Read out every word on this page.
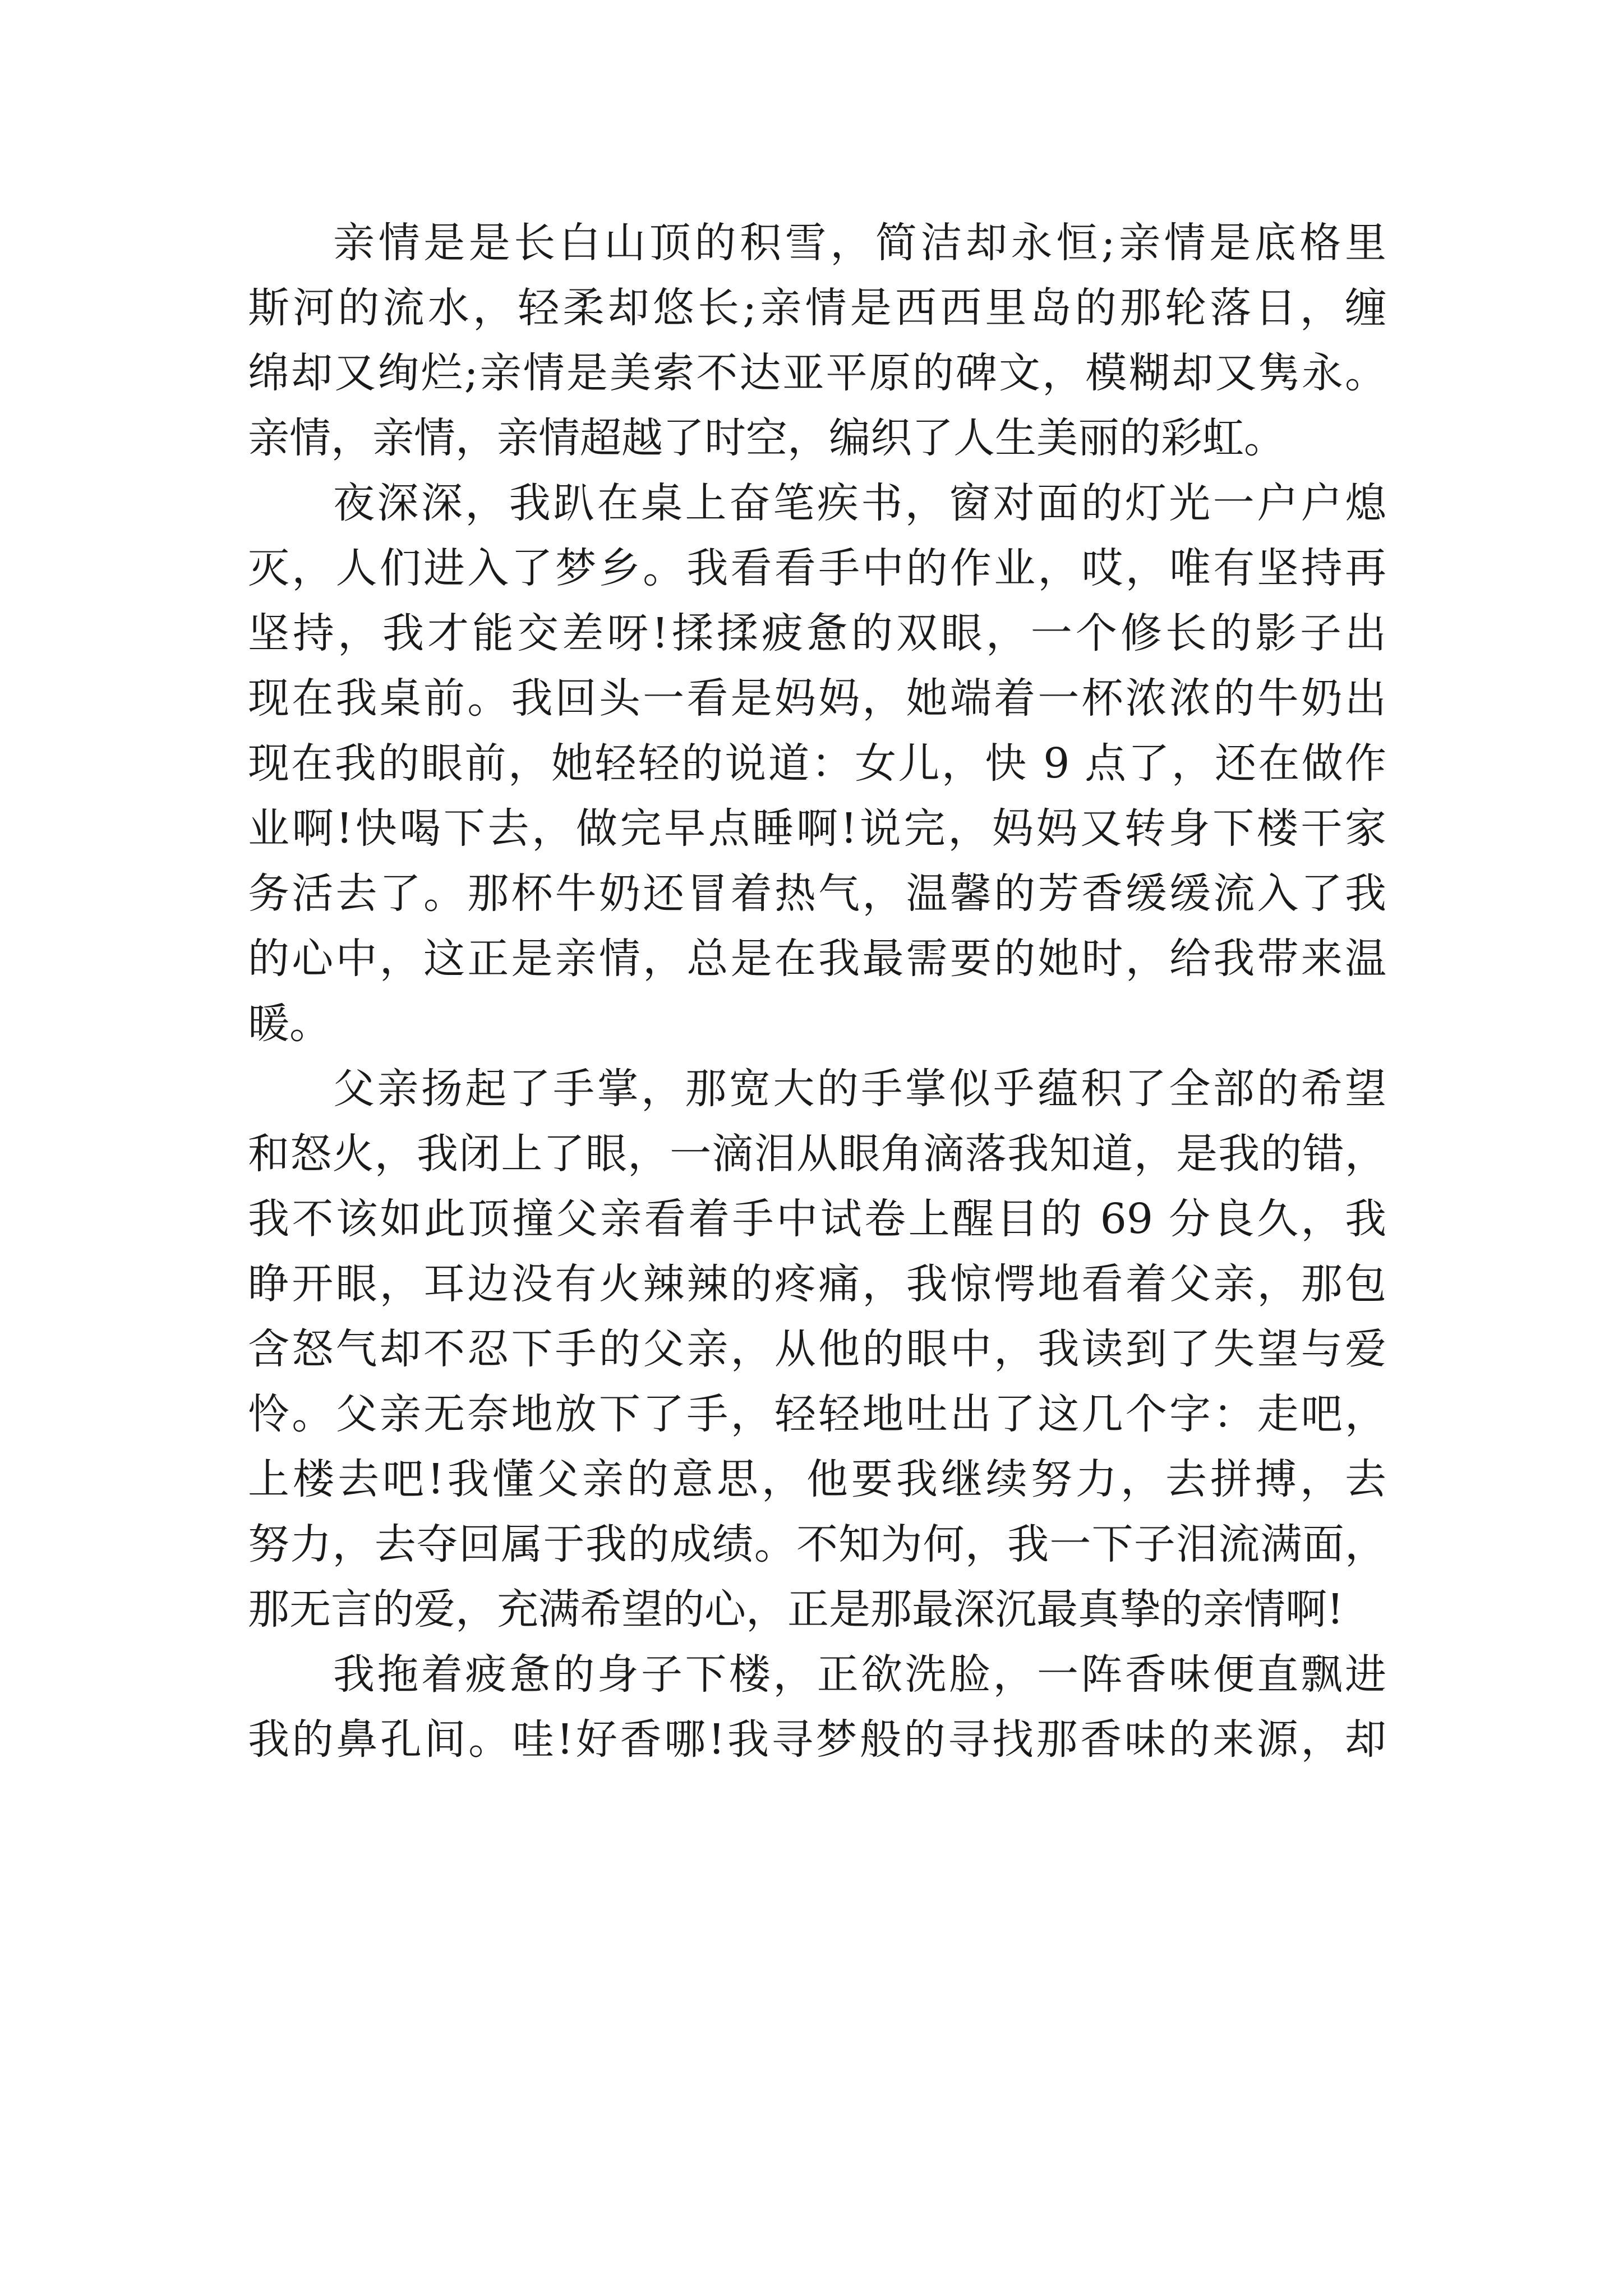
亲情是是长白山顶的积雪，简洁却永恒;亲情是底格里
斯河的流水，轻柔却悠长;亲情是西西里岛的那轮落日，缠
绵却又绚烂;亲情是美索不达亚平原的碑文，模糊却又隽永。
亲情，亲情，亲情超越了时空，编织了人生美丽的彩虹。
夜深深，我趴在桌上奋笔疾书，窗对面的灯光一户户熄
灭，人们进入了梦乡。我看看手中的作业，哎，唯有坚持再
坚持，我才能交差呀!揉揉疲惫的双眼，一个修长的影子出
现在我桌前。我回头一看是妈妈，她端着一杯浓浓的牛奶出
现在我的眼前，她轻轻的说道：女儿，快 9 点了，还在做作
业啊!快喝下去，做完早点睡啊!说完，妈妈又转身下楼干家
务活去了。那杯牛奶还冒着热气，温馨的芳香缓缓流入了我
的心中，这正是亲情，总是在我最需要的她时，给我带来温
暖。
父亲扬起了手掌，那宽大的手掌似乎蕴积了全部的希望
和怒火，我闭上了眼，一滴泪从眼角滴落我知道，是我的错，
我不该如此顶撞父亲看着手中试卷上醒目的 69 分良久，我
睁开眼，耳边没有火辣辣的疼痛，我惊愕地看着父亲，那包
含怒气却不忍下手的父亲，从他的眼中，我读到了失望与爱
怜。父亲无奈地放下了手，轻轻地吐出了这几个字：走吧，
上楼去吧!我懂父亲的意思，他要我继续努力，去拼搏，去
努力，去夺回属于我的成绩。不知为何，我一下子泪流满面，
那无言的爱，充满希望的心，正是那最深沉最真挚的亲情啊!
我拖着疲惫的身子下楼，正欲洗脸，一阵香味便直飘进
我的鼻孔间。哇!好香哪!我寻梦般的寻找那香味的来源，却
